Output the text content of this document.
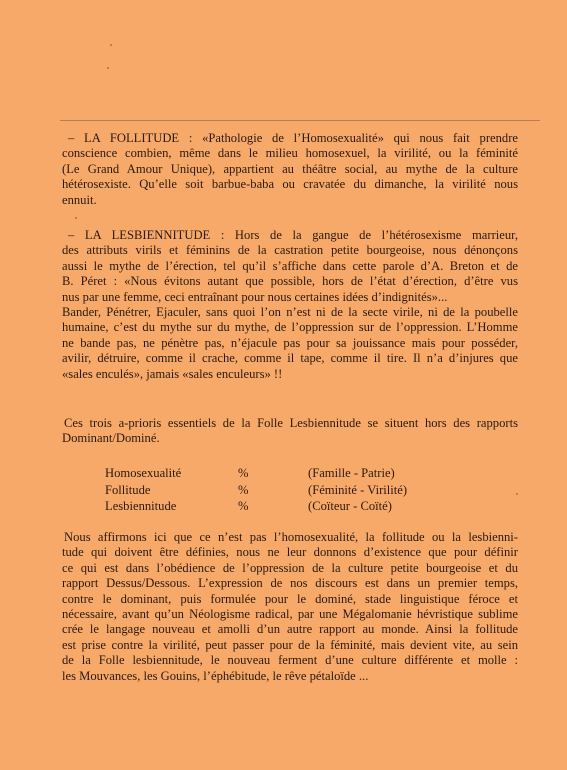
– LA FOLLITUDE : «Pathologie de l’Homosexualité» qui nous fait prendre
conscience combien, même dans le milieu homosexuel, la virilité, ou la féminité
(Le Grand Amour Unique), appartient au théâtre social, au mythe de la culture
hétérosexiste. Qu’elle soit barbue-baba ou cravatée du dimanche, la virilité nous
ennuit.
– LA LESBIENNITUDE : Hors de la gangue de l’hétérosexisme marrieur,
des attributs virils et féminins de la castration petite bourgeoise, nous dénonçons
aussi le mythe de l’érection, tel qu’il s’affiche dans cette parole d’A. Breton et de
B. Péret : «Nous évitons autant que possible, hors de l’état d’érection, d’être vus
nus par une femme, ceci entraînant pour nous certaines idées d’indignités»...
Bander, Pénétrer, Ejaculer, sans quoi l’on n’est ni de la secte virile, ni de la poubelle
humaine, c’est du mythe sur du mythe, de l’oppression sur de l’oppression. L’Homme
ne bande pas, ne pénètre pas, n’éjacule pas pour sa jouissance mais pour posséder,
avilir, détruire, comme il crache, comme il tape, comme il tire. Il n’a d’injures que
«sales enculés», jamais «sales enculeurs» !!
Ces trois a-prioris essentiels de la Folle Lesbiennitude se situent hors des rapports
Dominant/Dominé.
Homosexualité	%	(Famille - Patrie)
Follitude	%	(Féminité - Virilité)
Lesbiennitude	%	(Coïteur - Coïté)
Nous affirmons ici que ce n’est pas l’homosexualité, la follitude ou la lesbienni-
tude qui doivent être définies, nous ne leur donnons d’existence que pour définir
ce qui est dans l’obédience de l’oppression de la culture petite bourgeoise et du
rapport Dessus/Dessous. L’expression de nos discours est dans un premier temps,
contre le dominant, puis formulée pour le dominé, stade linguistique féroce et
nécessaire, avant qu’un Néologisme radical, par une Mégalomanie hévristique sublime
crée le langage nouveau et amolli d’un autre rapport au monde. Ainsi la follitude
est prise contre la virilité, peut passer pour de la féminité, mais devient vite, au sein
de la Folle lesbiennitude, le nouveau ferment d’une culture différente et molle :
les Mouvances, les Gouins, l’éphébitude, le rêve pétaloïde ...
